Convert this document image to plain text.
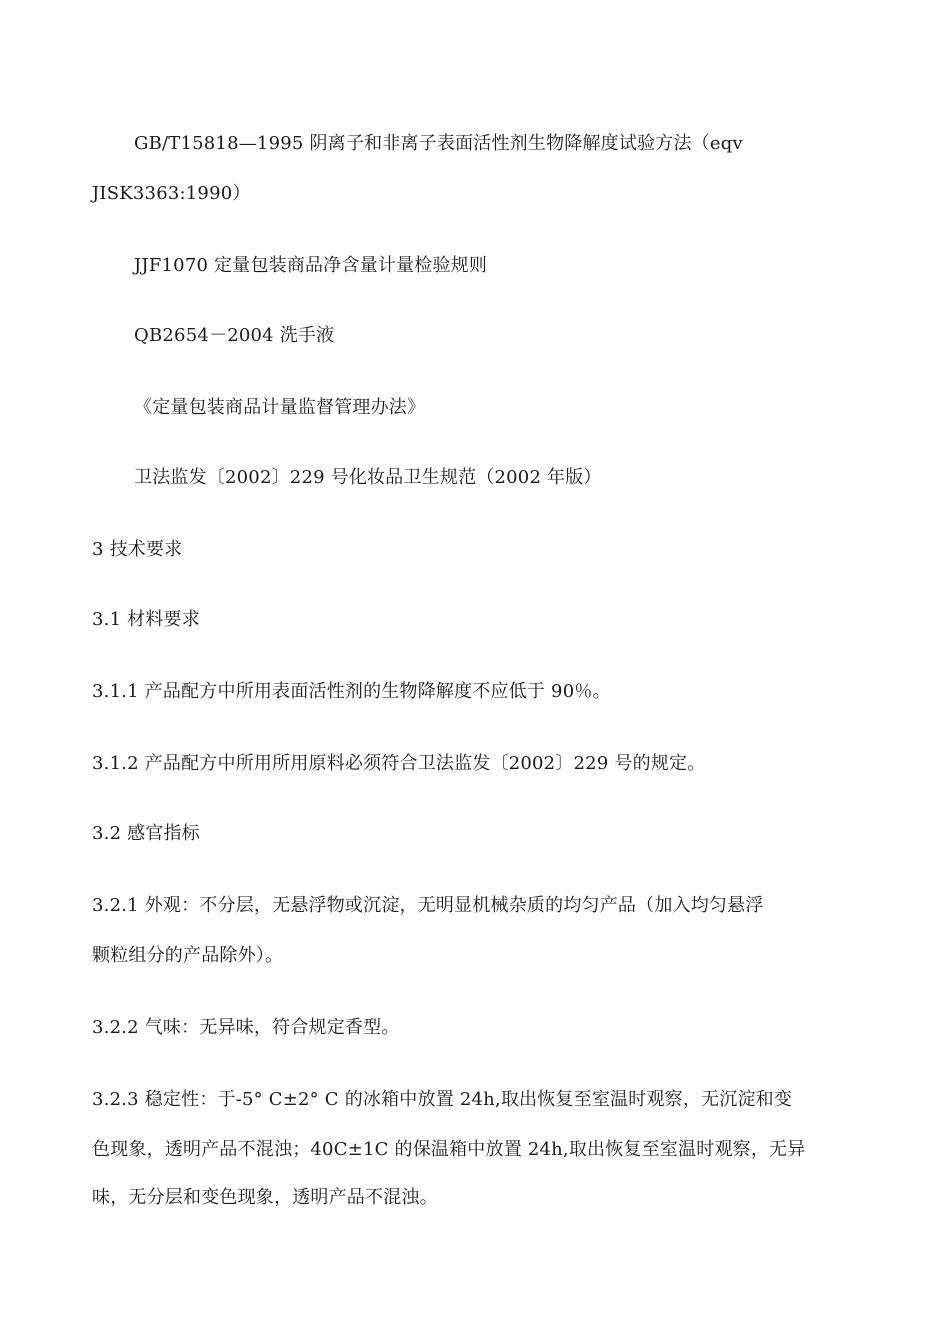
GB/T15818—1995 阴离子和非离子表面活性剂生物降解度试验方法（eqv
JISK3363:1990）
JJF1070 定量包装商品净含量计量检验规则
QB2654－2004 洗手液
《定量包装商品计量监督管理办法》
卫法监发〔2002〕229 号化妆品卫生规范（2002 年版）
3 技术要求
3.1 材料要求
3.1.1 产品配方中所用表面活性剂的生物降解度不应低于 90％。
3.1.2 产品配方中所用所用原料必须符合卫法监发〔2002〕229 号的规定。
3.2 感官指标
3.2.1 外观：不分层，无悬浮物或沉淀，无明显机械杂质的均匀产品（加入均匀悬浮
颗粒组分的产品除外）。
3.2.2 气味：无异味，符合规定香型。
3.2.3 稳定性：于-5° C±2° C 的冰箱中放置 24h,取出恢复至室温时观察，无沉淀和变
色现象，透明产品不混浊；40C±1C 的保温箱中放置 24h,取出恢复至室温时观察，无异
味，无分层和变色现象，透明产品不混浊。
